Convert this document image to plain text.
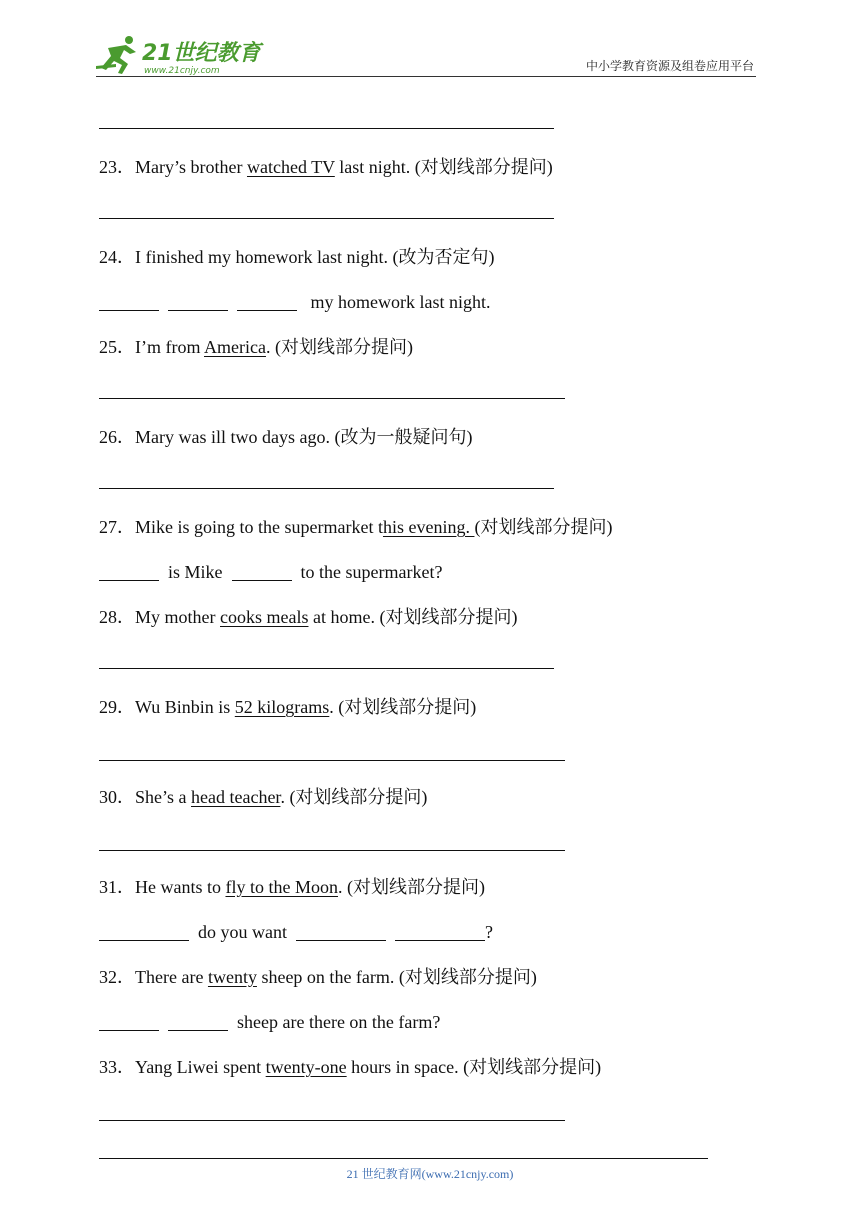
21世纪教育
www.21cnjy.com	中小学教育资源及组卷应用平台
23．Mary’s brother watched TV last night. (对划线部分提问)
24．I finished my homework last night. (改为否定句)
my homework last night.
25．I’m from America. (对划线部分提问)
26．Mary was ill two days ago. (改为一般疑问句)
27．Mike is going to the supermarket this evening. (对划线部分提问)
is Mike	to the supermarket?
28．My mother cooks meals at home. (对划线部分提问)
29．Wu Binbin is 52 kilograms. (对划线部分提问)
30．She’s a head teacher. (对划线部分提问)
31．He wants to fly to the Moon. (对划线部分提问)
do you want	?
32．There are twenty sheep on the farm. (对划线部分提问)
sheep are there on the farm?
33．Yang Liwei spent twenty-one hours in space. (对划线部分提问)
21 世纪教育网(www.21cnjy.com)
